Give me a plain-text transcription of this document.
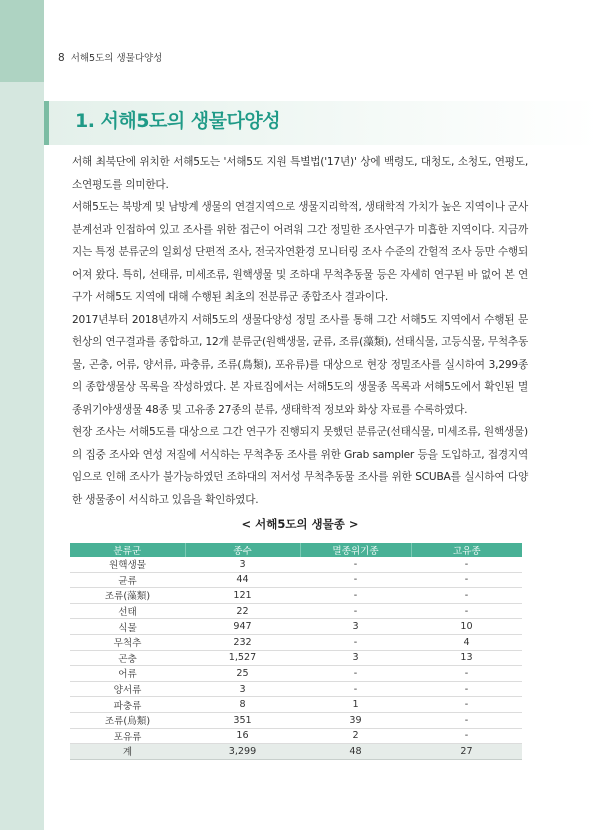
8 서해5도의 생물다양성
1. 서해5도의 생물다양성

서해 최북단에 위치한 서해5도는 '서해5도 지원 특별법('17년)' 상에 백령도, 대청도, 소청도, 연평도, 소연평도를 의미한다.

서해5도는 북방계 및 남방계 생물의 연결지역으로 생물지리학적, 생태학적 가치가 높은 지역이나 군사분계선과 인접하여 있고 조사를 위한 접근이 어려워 그간 정밀한 조사연구가 미흡한 지역이다. 지금까지는 특정 분류군의 일회성 단편적 조사, 전국자연환경 모니터링 조사 수준의 간헐적 조사 등만 수행되어져 왔다. 특히, 선태류, 미세조류, 원핵생물 및 조하대 무척추동물 등은 자세히 연구된 바 없어 본 연구가 서해5도 지역에 대해 수행된 최초의 전분류군 종합조사 결과이다.

2017년부터 2018년까지 서해5도의 생물다양성 정밀 조사를 통해 그간 서해5도 지역에서 수행된 문헌상의 연구결과를 종합하고, 12개 분류군(원핵생물, 균류, 조류(藻類), 선태식물, 고등식물, 무척추동물, 곤충, 어류, 양서류, 파충류, 조류(鳥類), 포유류)를 대상으로 현장 정밀조사를 실시하여 3,299종의 종합생물상 목록을 작성하였다. 본 자료집에서는 서해5도의 생물종 목록과 서해5도에서 확인된 멸종위기야생생물 48종 및 고유종 27종의 분류, 생태학적 정보와 화상 자료를 수록하였다.

현장 조사는 서해5도를 대상으로 그간 연구가 진행되지 못했던 분류군(선태식물, 미세조류, 원핵생물)의 집중 조사와 연성 저질에 서식하는 무척추동 조사를 위한 Grab sampler 등을 도입하고, 접경지역임으로 인해 조사가 불가능하였던 조하대의 저서성 무척추동물 조사를 위한 SCUBA를 실시하여 다양한 생물종이 서식하고 있음을 확인하였다.

< 서해5도의 생물종 >
분류군	종수	멸종위기종	고유종
원핵생물	3	-	-
균류	44	-	-
조류(藻類)	121	-	-
선태	22	-	-
식물	947	3	10
무척추	232	-	4
곤충	1,527	3	13
어류	25	-	-
양서류	3	-	-
파충류	8	1	-
조류(鳥類)	351	39	-
포유류	16	2	-
계	3,299	48	27
